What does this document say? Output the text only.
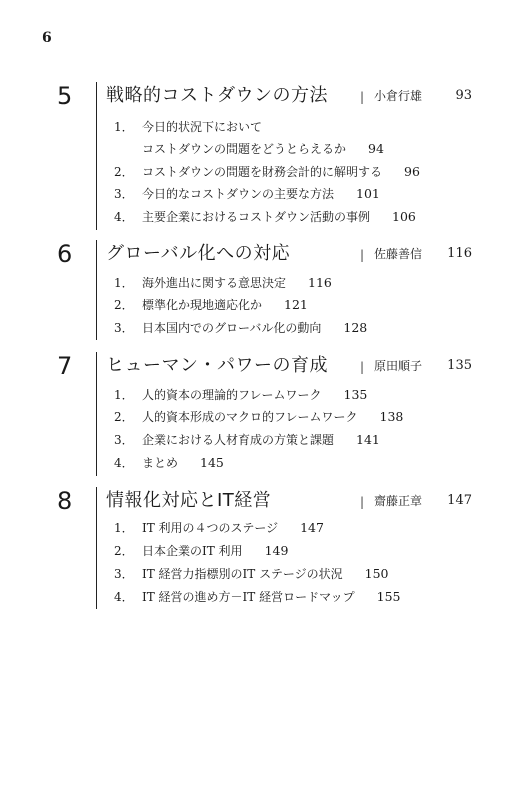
6
5 戦略的コストダウンの方法	| 小倉行雄	93
1． 今日的状況下において
コストダウンの問題をどうとらえるか 94
2． コストダウンの問題を財務会計的に解明する 96
3． 今日的なコストダウンの主要な方法 101
4． 主要企業におけるコストダウン活動の事例 106
6 グローバル化への対応	| 佐藤善信 116
1． 海外進出に関する意思決定 116
2． 標準化か現地適応化か 121
3． 日本国内でのグローバル化の動向 128
7 ヒューマン・パワーの育成	| 原田順子 135
1． 人的資本の理論的フレームワーク 135
2． 人的資本形成のマクロ的フレームワーク 138
3． 企業における人材育成の方策と課題 141
4． まとめ 145
8 情報化対応とIT経営	| 齋藤正章 147
1． IT 利用の４つのステージ 147
2． 日本企業のIT 利用 149
3． IT 経営力指標別のIT ステージの状況 150
4． IT 経営の進め方－IT 経営ロードマップ 155
